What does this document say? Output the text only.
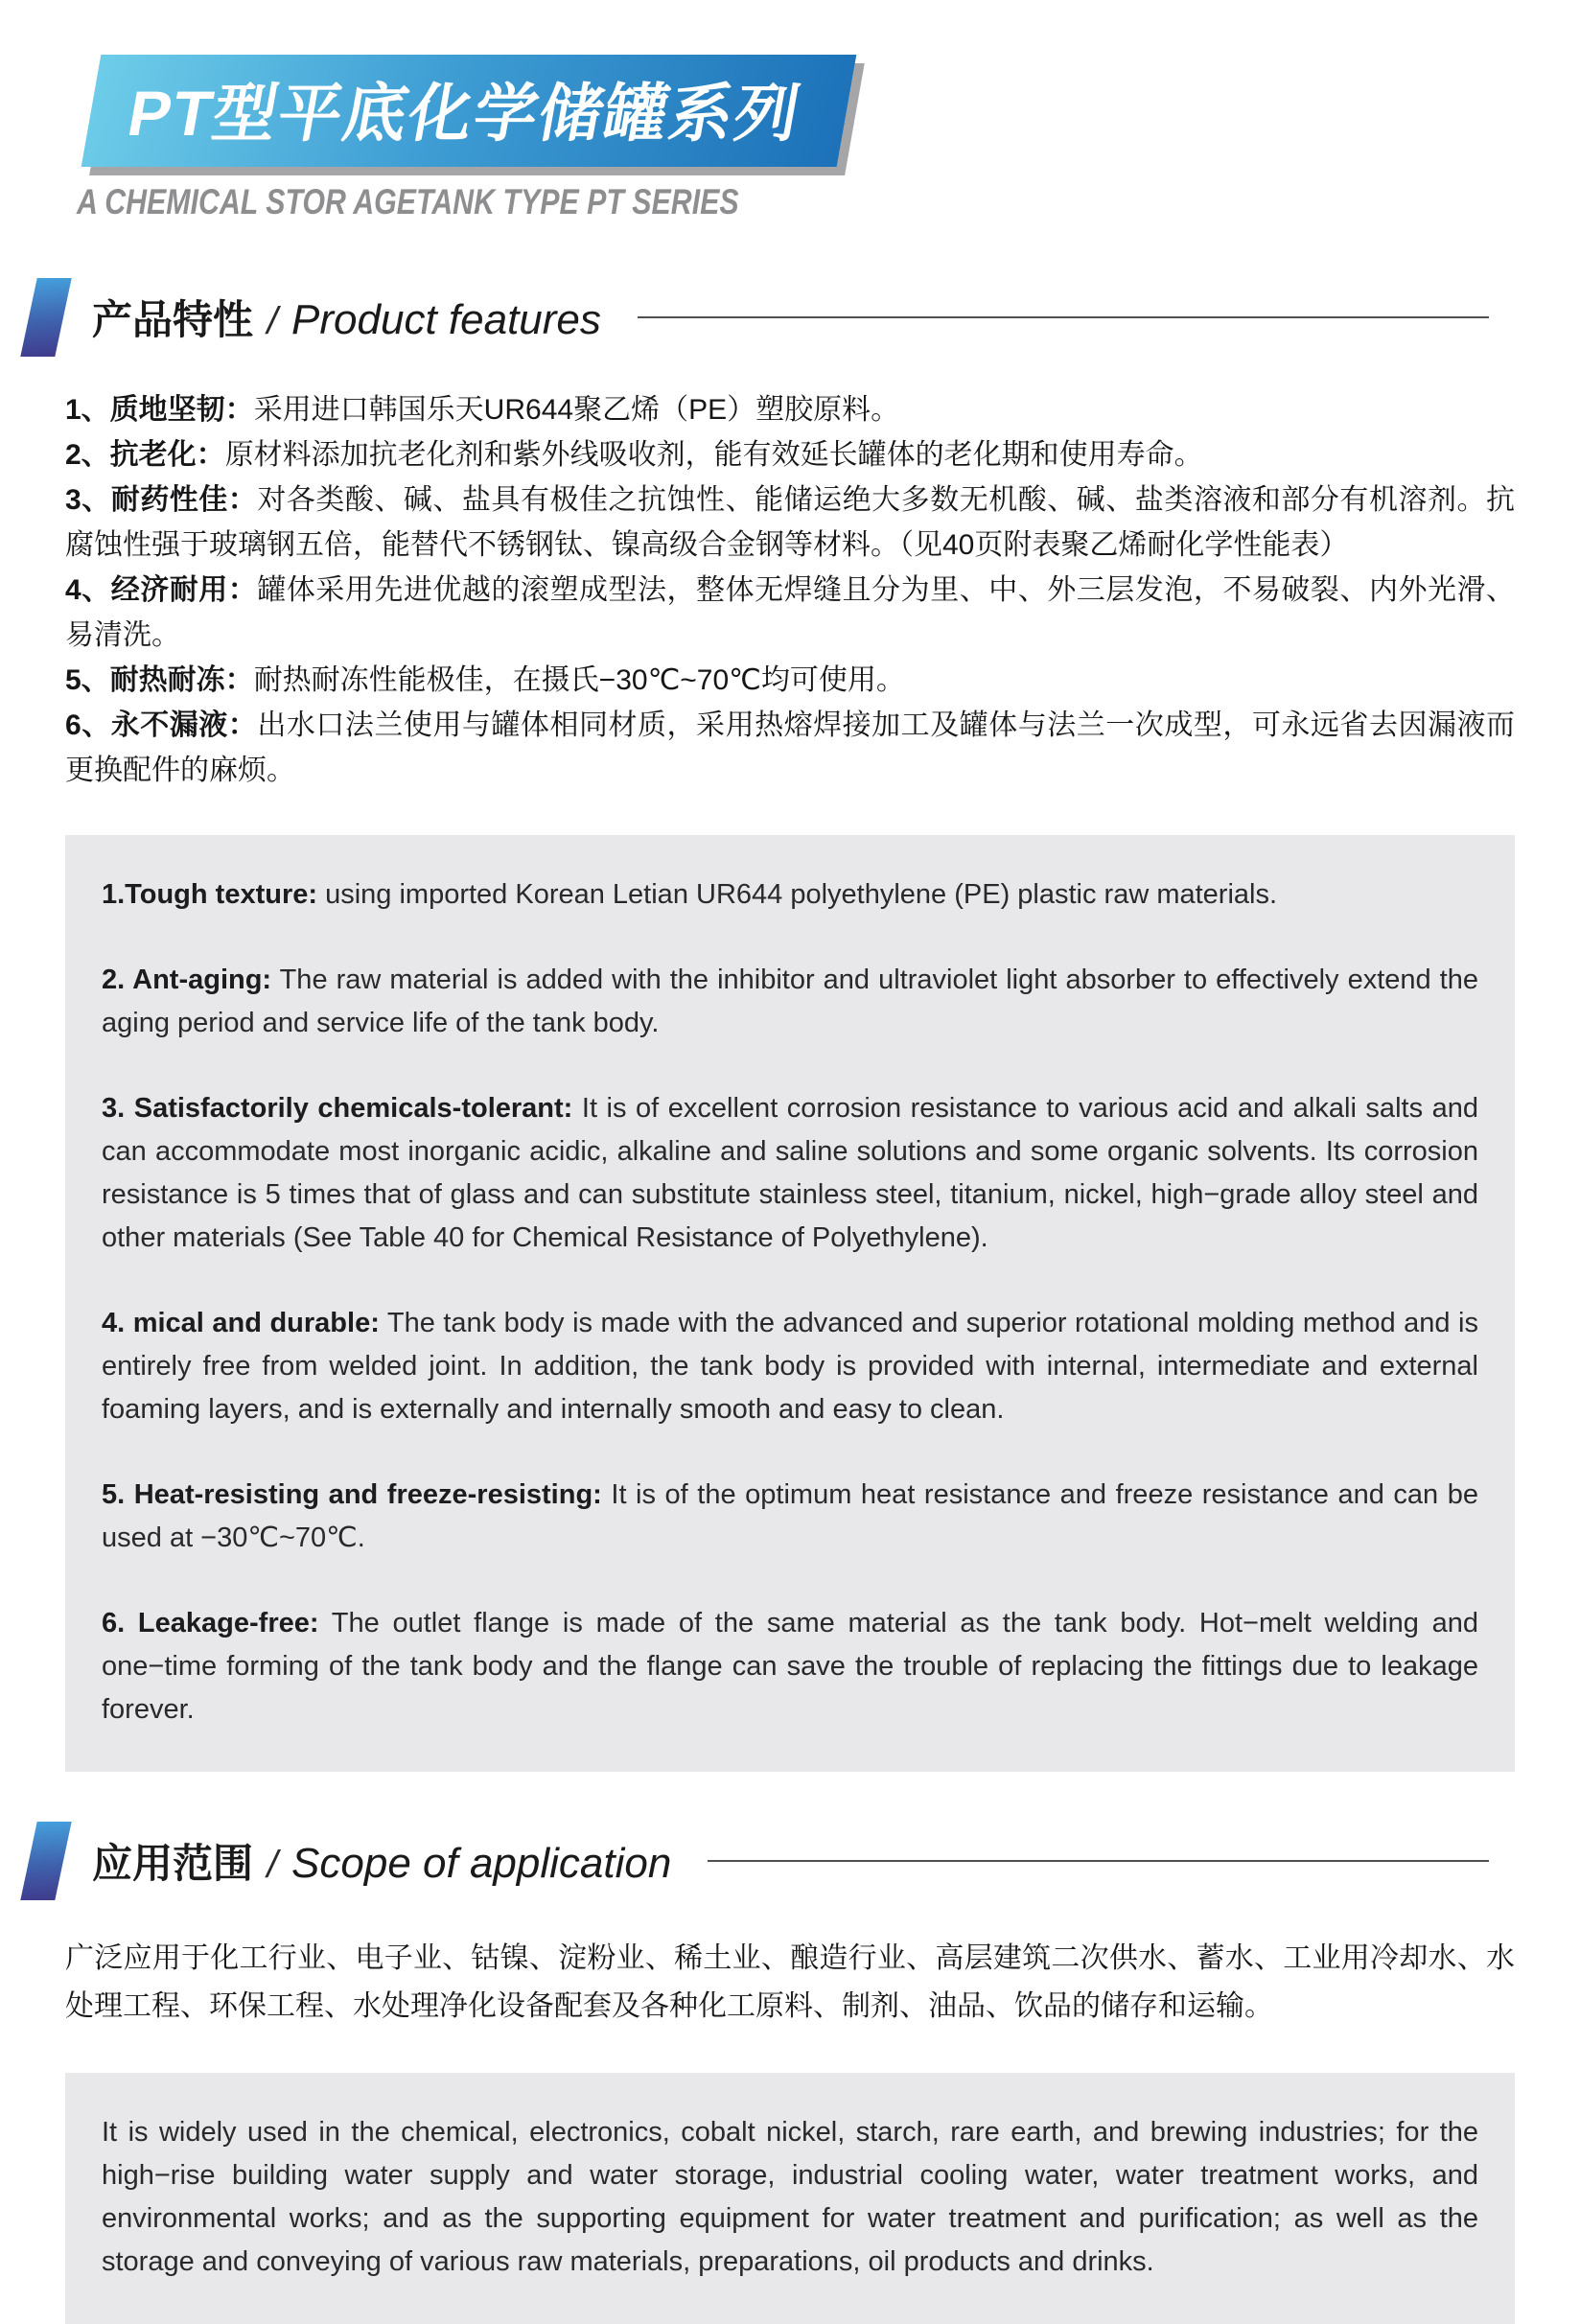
PT型平底化学储罐系列
A CHEMICAL STOR AGETANK TYPE PT SERIES
产品特性 / Product features

1、质地坚韧：采用进口韩国乐天UR644聚乙烯（PE）塑胶原料。

2、抗老化：原材料添加抗老化剂和紫外线吸收剂，能有效延长罐体的老化期和使用寿命。

3、耐药性佳：对各类酸、碱、盐具有极佳之抗蚀性、能储运绝大多数无机酸、碱、盐类溶液和部分有机溶剂。抗腐蚀性强于玻璃钢五倍，能替代不锈钢钛、镍高级合金钢等材料。（见40页附表聚乙烯耐化学性能表）

4、经济耐用：罐体采用先进优越的滚塑成型法，整体无焊缝且分为里、中、外三层发泡，不易破裂、内外光滑、易清洗。

5、耐热耐冻：耐热耐冻性能极佳，在摄氏−30℃~70℃均可使用。

6、永不漏液：出水口法兰使用与罐体相同材质，采用热熔焊接加工及罐体与法兰一次成型，可永远省去因漏液而更换配件的麻烦。

1.Tough texture: using imported Korean Letian UR644 polyethylene (PE) plastic raw materials.

2. Ant-aging: The raw material is added with the inhibitor and ultraviolet light absorber to effectively extend the aging period and service life of the tank body.

3. Satisfactorily chemicals-tolerant: It is of excellent corrosion resistance to various acid and alkali salts and can accommodate most inorganic acidic, alkaline and saline solutions and some organic solvents. Its corrosion resistance is 5 times that of glass and can substitute stainless steel, titanium, nickel, high−grade alloy steel and other materials (See Table 40 for Chemical Resistance of Polyethylene).

4. mical and durable: The tank body is made with the advanced and superior rotational molding method and is entirely free from welded joint. In addition, the tank body is provided with internal, intermediate and external foaming layers, and is externally and internally smooth and easy to clean.

5. Heat-resisting and freeze-resisting: It is of the optimum heat resistance and freeze resistance and can be used at −30℃~70℃.

6. Leakage-free: The outlet flange is made of the same material as the tank body. Hot−melt welding and one−time forming of the tank body and the flange can save the trouble of replacing the fittings due to leakage forever.

应用范围 / Scope of application

广泛应用于化工行业、电子业、钴镍、淀粉业、稀土业、酿造行业、高层建筑二次供水、蓄水、工业用冷却水、水处理工程、环保工程、水处理净化设备配套及各种化工原料、制剂、油品、饮品的储存和运输。

It is widely used in the chemical, electronics, cobalt nickel, starch, rare earth, and brewing industries; for the high−rise building water supply and water storage, industrial cooling water, water treatment works, and environmental works; and as the supporting equipment for water treatment and purification; as well as the storage and conveying of various raw materials, preparations, oil products and drinks.
